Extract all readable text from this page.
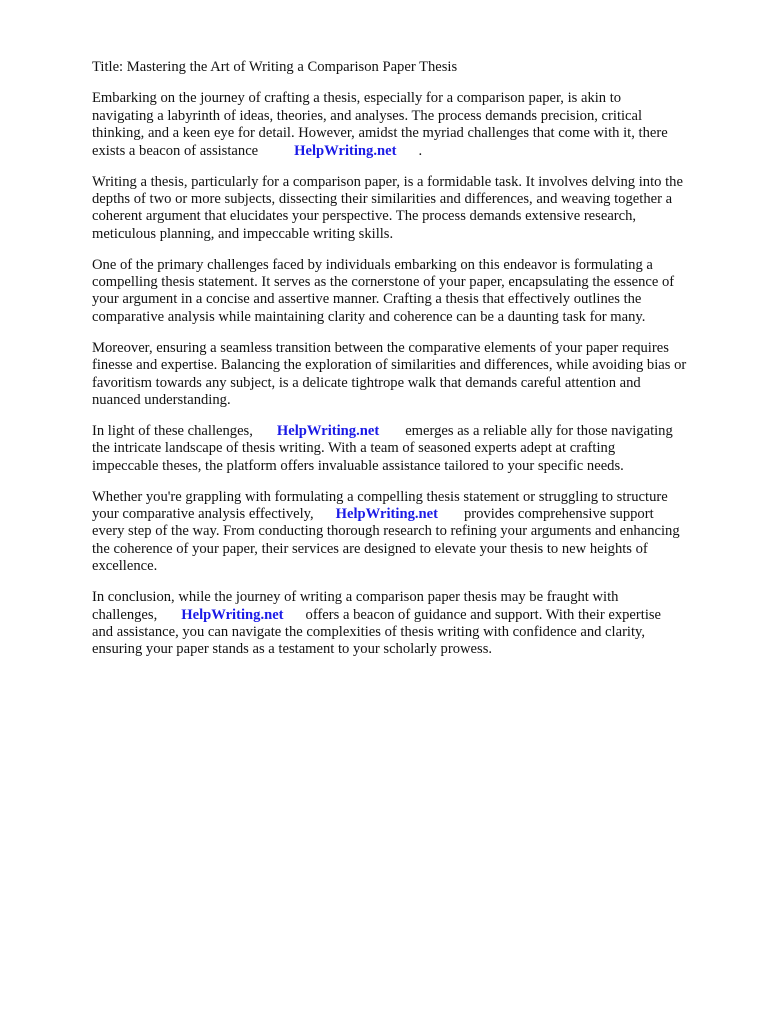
Title: Mastering the Art of Writing a Comparison Paper Thesis

Embarking on the journey of crafting a thesis, especially for a comparison paper, is akin to
navigating a labyrinth of ideas, theories, and analyses. The process demands precision, critical
thinking, and a keen eye for detail. However, amidst the myriad challenges that come with it, there
exists a beacon of assistance HelpWriting.net .

Writing a thesis, particularly for a comparison paper, is a formidable task. It involves delving into the
depths of two or more subjects, dissecting their similarities and differences, and weaving together a
coherent argument that elucidates your perspective. The process demands extensive research,
meticulous planning, and impeccable writing skills.

One of the primary challenges faced by individuals embarking on this endeavor is formulating a
compelling thesis statement. It serves as the cornerstone of your paper, encapsulating the essence of
your argument in a concise and assertive manner. Crafting a thesis that effectively outlines the
comparative analysis while maintaining clarity and coherence can be a daunting task for many.

Moreover, ensuring a seamless transition between the comparative elements of your paper requires
finesse and expertise. Balancing the exploration of similarities and differences, while avoiding bias or
favoritism towards any subject, is a delicate tightrope walk that demands careful attention and
nuanced understanding.

In light of these challenges, HelpWriting.net emerges as a reliable ally for those navigating
the intricate landscape of thesis writing. With a team of seasoned experts adept at crafting
impeccable theses, the platform offers invaluable assistance tailored to your specific needs.

Whether you're grappling with formulating a compelling thesis statement or struggling to structure
your comparative analysis effectively, HelpWriting.net provides comprehensive support
every step of the way. From conducting thorough research to refining your arguments and enhancing
the coherence of your paper, their services are designed to elevate your thesis to new heights of
excellence.

In conclusion, while the journey of writing a comparison paper thesis may be fraught with
challenges, HelpWriting.net offers a beacon of guidance and support. With their expertise
and assistance, you can navigate the complexities of thesis writing with confidence and clarity,
ensuring your paper stands as a testament to your scholarly prowess.
